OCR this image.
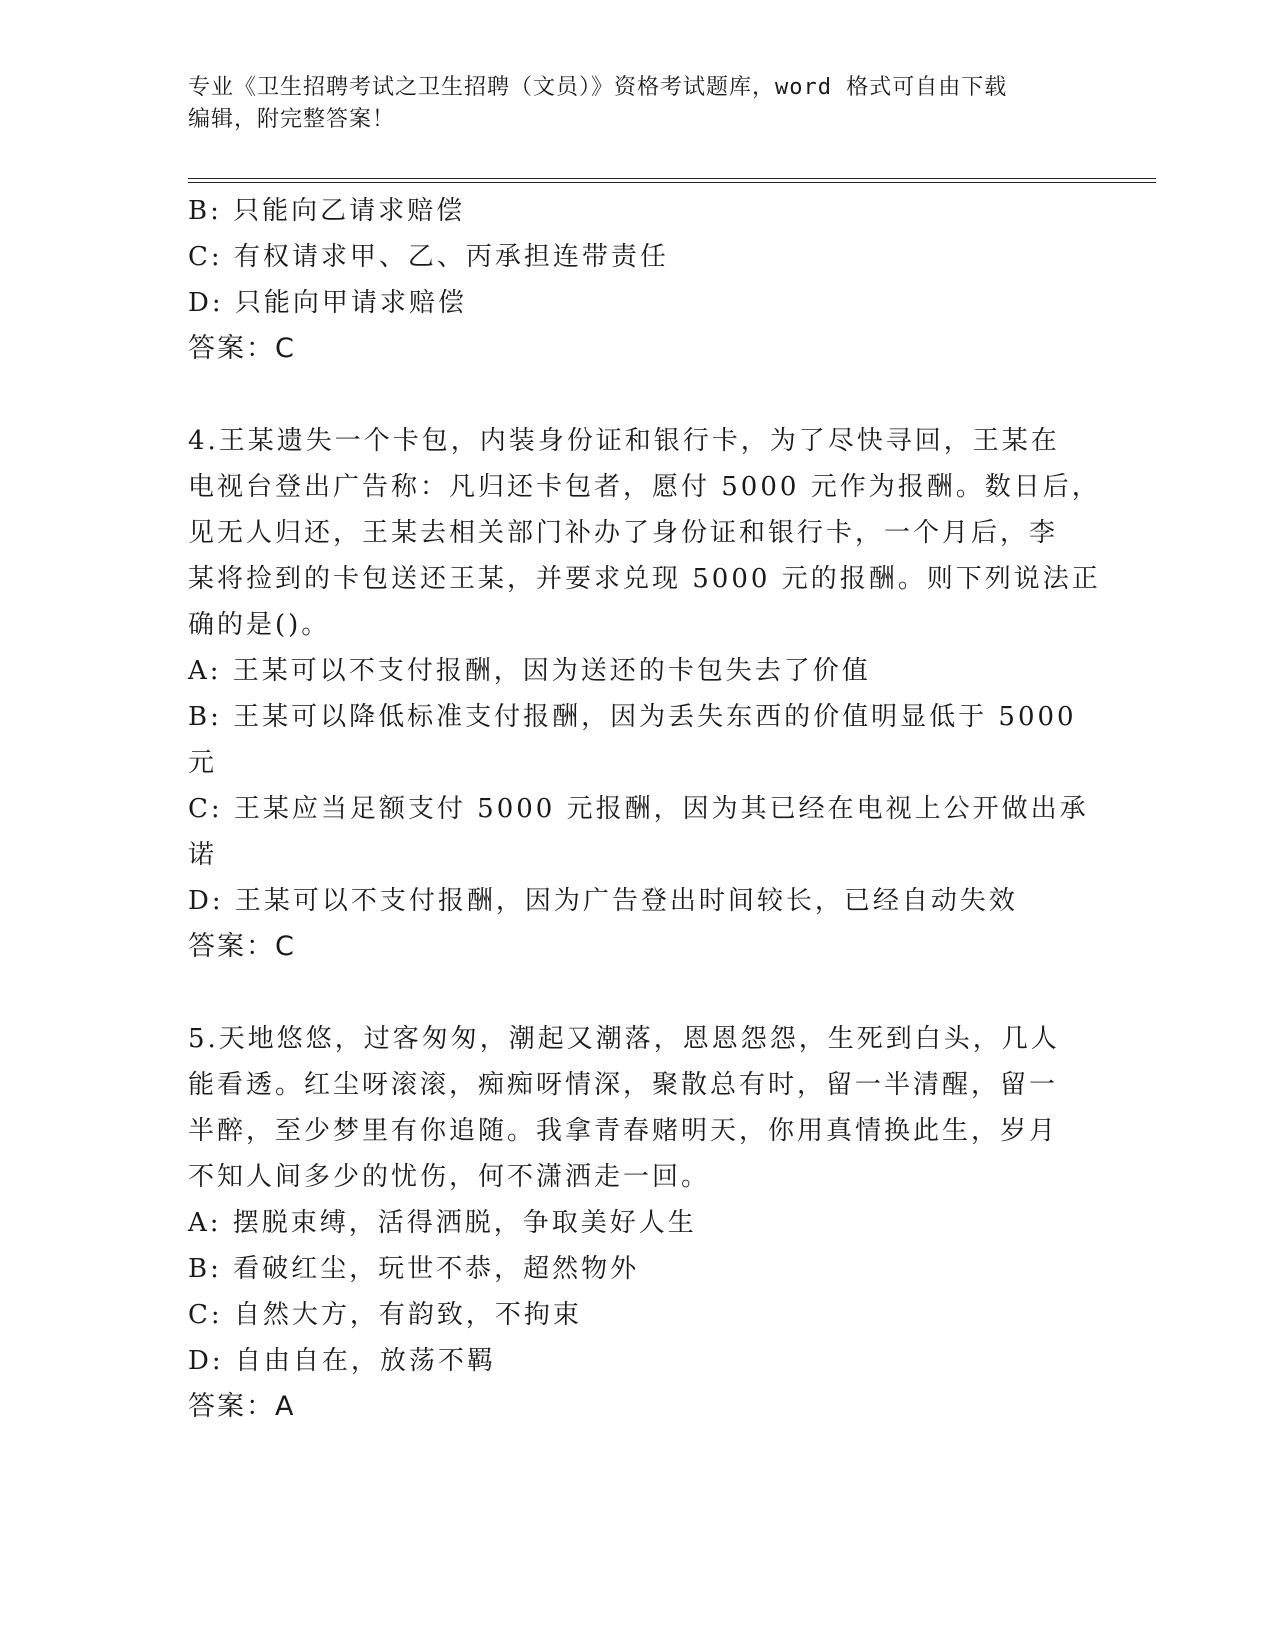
专业《卫生招聘考试之卫生招聘（文员）》资格考试题库，word 格式可自由下载
编辑，附完整答案！
B: 只能向乙请求赔偿
C: 有权请求甲、乙、丙承担连带责任
D: 只能向甲请求赔偿
答案：C
4.王某遗失一个卡包，内装身份证和银行卡，为了尽快寻回，王某在
电视台登出广告称：凡归还卡包者，愿付 5000 元作为报酬。数日后，
见无人归还，王某去相关部门补办了身份证和银行卡，一个月后，李
某将捡到的卡包送还王某，并要求兑现 5000 元的报酬。则下列说法正
确的是()。
A: 王某可以不支付报酬，因为送还的卡包失去了价值
B: 王某可以降低标准支付报酬，因为丢失东西的价值明显低于 5000
元
C: 王某应当足额支付 5000 元报酬，因为其已经在电视上公开做出承
诺
D: 王某可以不支付报酬，因为广告登出时间较长，已经自动失效
答案：C
5.天地悠悠，过客匆匆，潮起又潮落，恩恩怨怨，生死到白头，几人
能看透。红尘呀滚滚，痴痴呀情深，聚散总有时，留一半清醒，留一
半醉，至少梦里有你追随。我拿青春赌明天，你用真情换此生，岁月
不知人间多少的忧伤，何不潇洒走一回。
A: 摆脱束缚，活得洒脱，争取美好人生
B: 看破红尘，玩世不恭，超然物外
C: 自然大方，有韵致，不拘束
D: 自由自在，放荡不羁
答案：A
